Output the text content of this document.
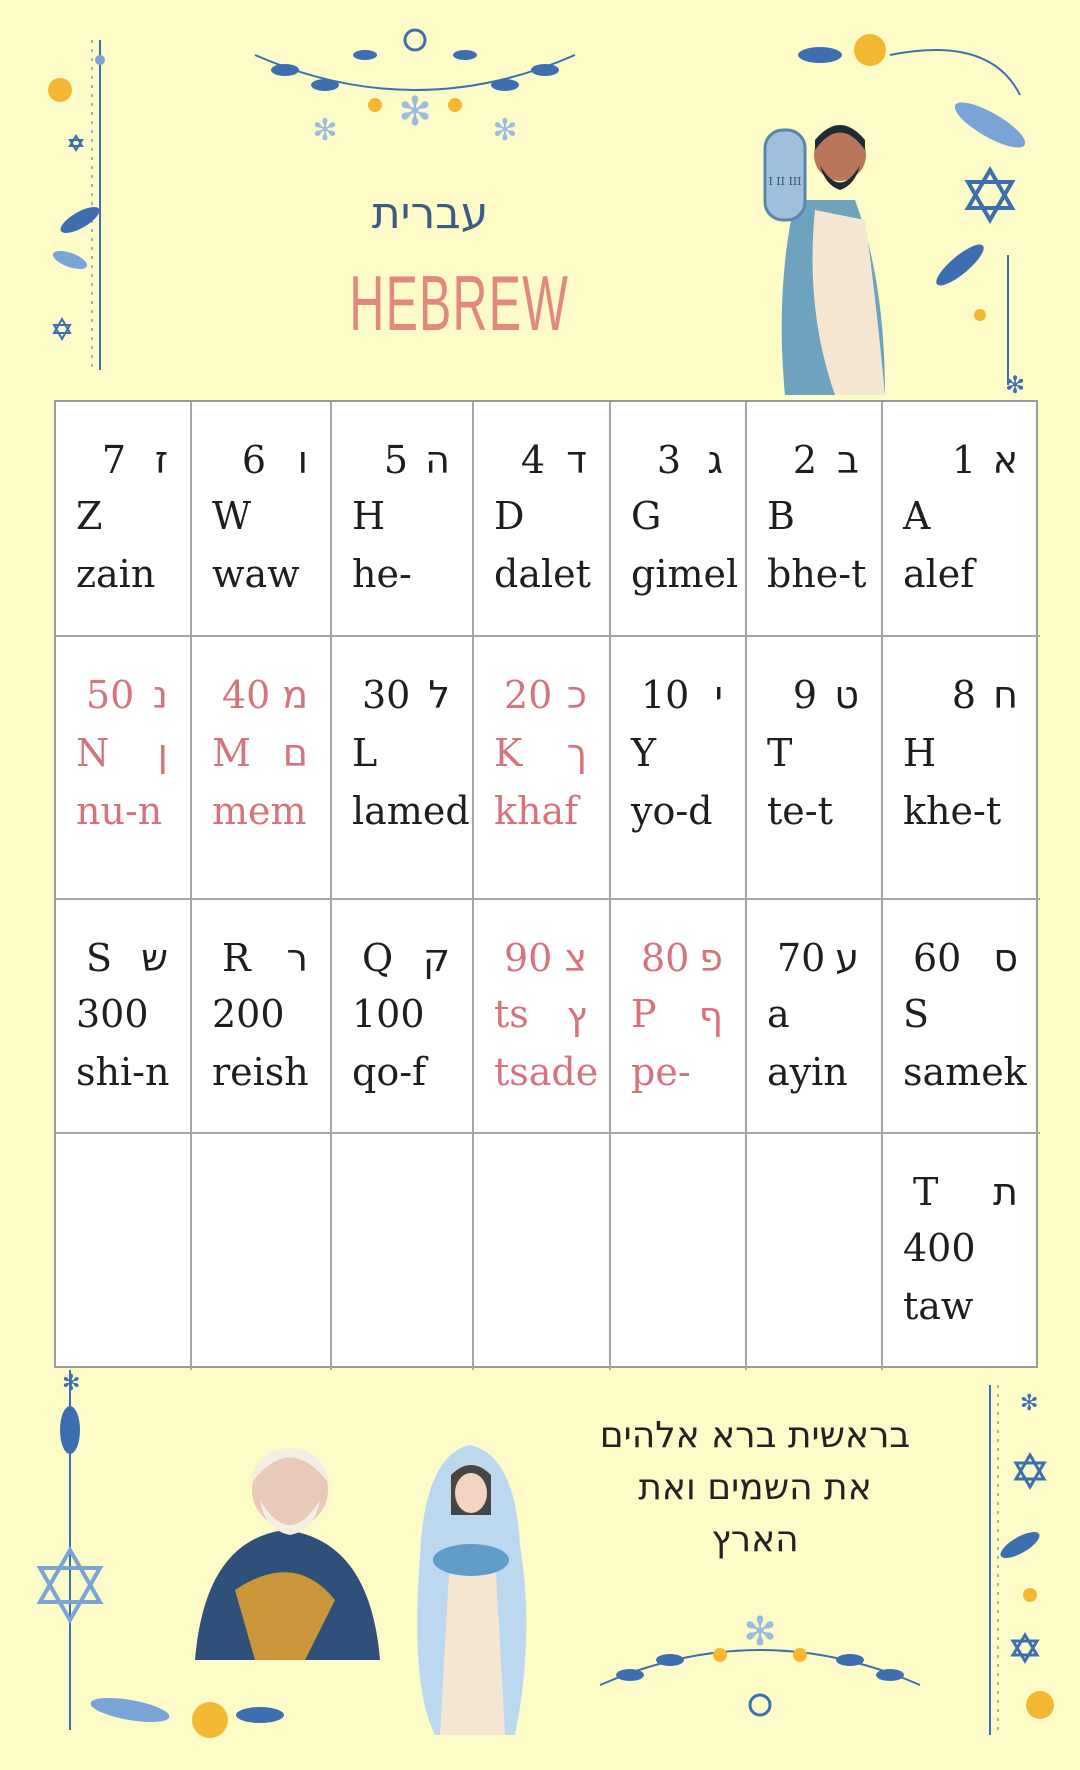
✻
✻	✻
✻
I II III
עברית
HEBREW
7 ז
Z
zain
6 ו
W
waw
5 ה
H
he-
4 ד
D
dalet
3 ג
G
gimel
2 ב
B
bhe-t
1 א
A
alef
50 נ
N ן
nu-n
40 מ
M ם
mem
30 ל
L
lamed
20 כ
K ך
khaf
10 י
Y
yo-d
9 ט
T
te-t
8 ח
H
khe-t
S ש
300
shi-n
R ר
200
reish
Q ק
100
qo-f
90 צ
ts ץ
tsade
80 פ
P ף
pe-
70 ע
a
ayin
60 ס
S
samek
T ת
400
taw
✻
בראשית ברא אלהים
את השמים ואת
הארץ
✻
✻
